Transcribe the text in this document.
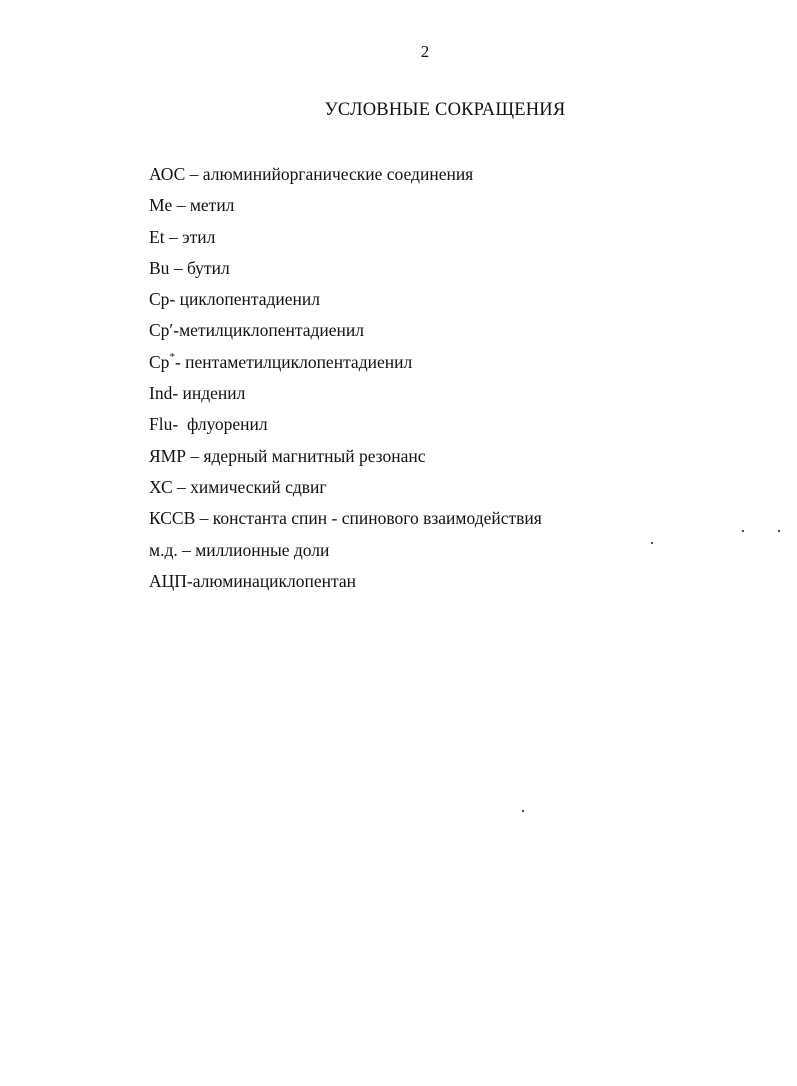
2
УСЛОВНЫЕ СОКРАЩЕНИЯ
АОС – алюминийорганические соединения
Me – метил
Et – этил
Bu – бутил
Cp- циклопентадиенил
Cp′-метилциклопентадиенил
Cp*- пентаметилциклопентадиенил
Ind- инденил
Flu-  флуоренил
ЯМР – ядерный магнитный резонанс
ХС – химический сдвиг
КССВ – константа спин - спинового взаимодействия
м.д. – миллионные доли
АЦП-алюминациклопентан
